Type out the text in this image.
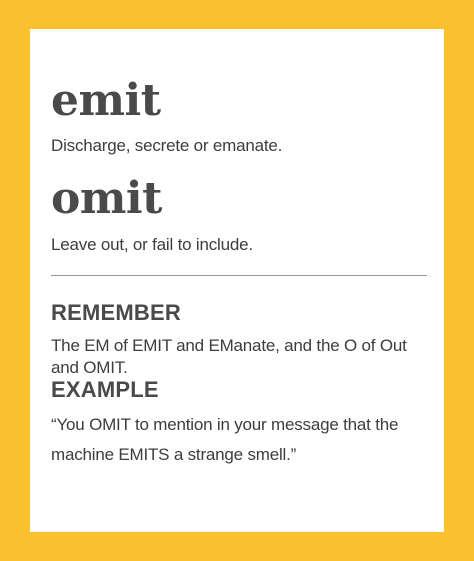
emit

Discharge, secrete or emanate.

omit

Leave out, or fail to include.

REMEMBER

The EM of EMIT and EManate, and the O of Out and OMIT.

EXAMPLE

“You OMIT to mention in your message that the machine EMITS a strange smell.”
